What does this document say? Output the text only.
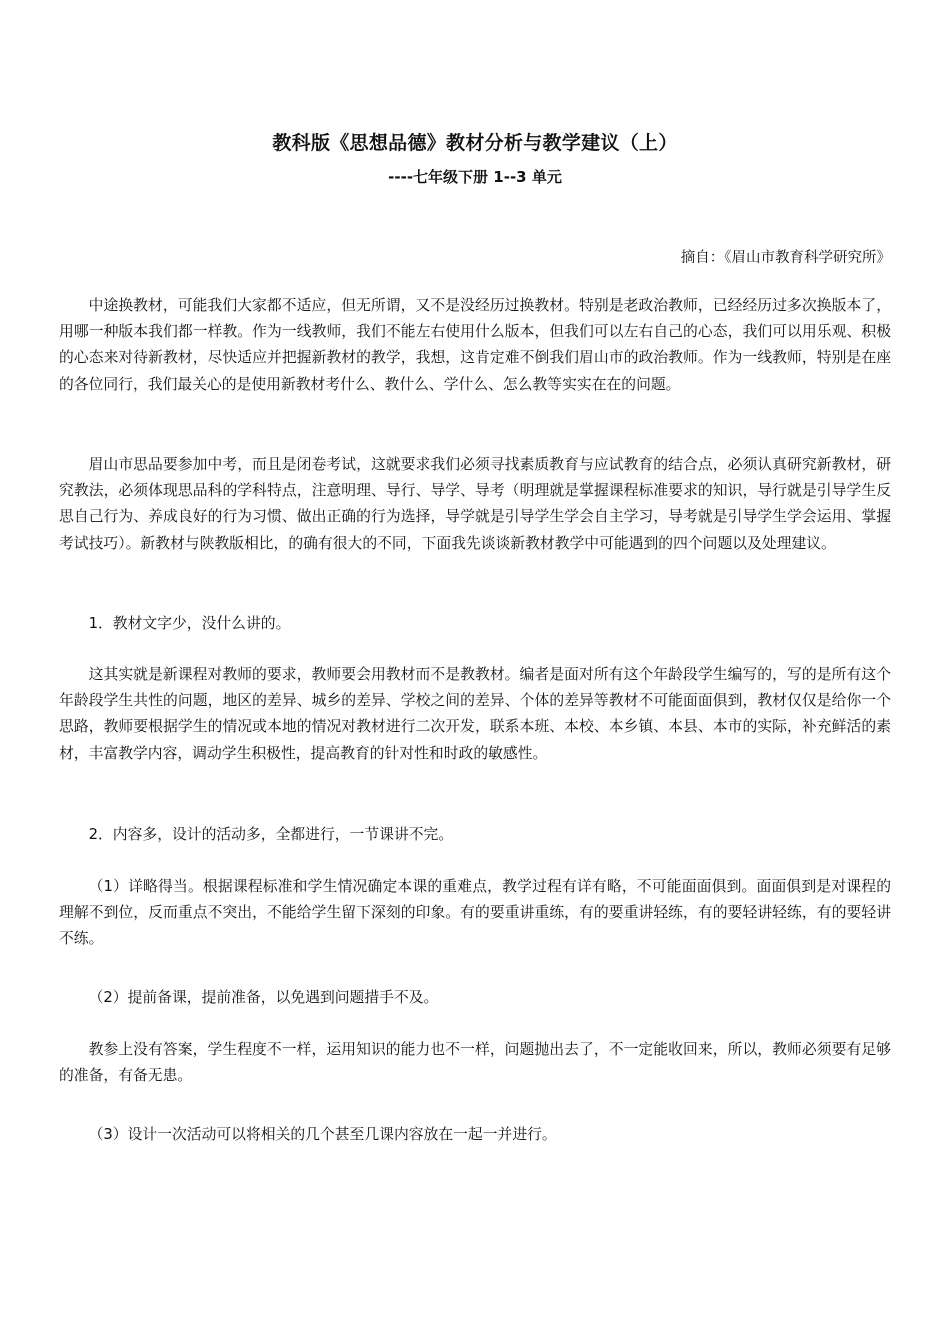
教科版《思想品德》教材分析与教学建议（上）
----七年级下册 1--3 单元
摘自：《眉山市教育科学研究所》

中途换教材，可能我们大家都不适应，但无所谓，又不是没经历过换教材。特别是老政治教师，已经经历过多次换版本了，用哪一种版本我们都一样教。作为一线教师，我们不能左右使用什么版本，但我们可以左右自己的心态，我们可以用乐观、积极的心态来对待新教材，尽快适应并把握新教材的教学，我想，这肯定难不倒我们眉山市的政治教师。作为一线教师，特别是在座的各位同行，我们最关心的是使用新教材考什么、教什么、学什么、怎么教等实实在在的问题。

眉山市思品要参加中考，而且是闭卷考试，这就要求我们必须寻找素质教育与应试教育的结合点，必须认真研究新教材，研究教法，必须体现思品科的学科特点，注意明理、导行、导学、导考（明理就是掌握课程标准要求的知识，导行就是引导学生反思自己行为、养成良好的行为习惯、做出正确的行为选择，导学就是引导学生学会自主学习，导考就是引导学生学会运用、掌握考试技巧）。新教材与陕教版相比，的确有很大的不同，下面我先谈谈新教材教学中可能遇到的四个问题以及处理建议。

1．教材文字少，没什么讲的。

这其实就是新课程对教师的要求，教师要会用教材而不是教教材。编者是面对所有这个年龄段学生编写的，写的是所有这个年龄段学生共性的问题，地区的差异、城乡的差异、学校之间的差异、个体的差异等教材不可能面面俱到，教材仅仅是给你一个思路，教师要根据学生的情况或本地的情况对教材进行二次开发，联系本班、本校、本乡镇、本县、本市的实际，补充鲜活的素材，丰富教学内容，调动学生积极性，提高教育的针对性和时政的敏感性。

2．内容多，设计的活动多，全都进行，一节课讲不完。

（1）详略得当。根据课程标准和学生情况确定本课的重难点，教学过程有详有略，不可能面面俱到。面面俱到是对课程的理解不到位，反而重点不突出，不能给学生留下深刻的印象。有的要重讲重练，有的要重讲轻练，有的要轻讲轻练，有的要轻讲不练。

（2）提前备课，提前准备，以免遇到问题措手不及。

教参上没有答案，学生程度不一样，运用知识的能力也不一样，问题抛出去了，不一定能收回来，所以，教师必须要有足够的准备，有备无患。

（3）设计一次活动可以将相关的几个甚至几课内容放在一起一并进行。
